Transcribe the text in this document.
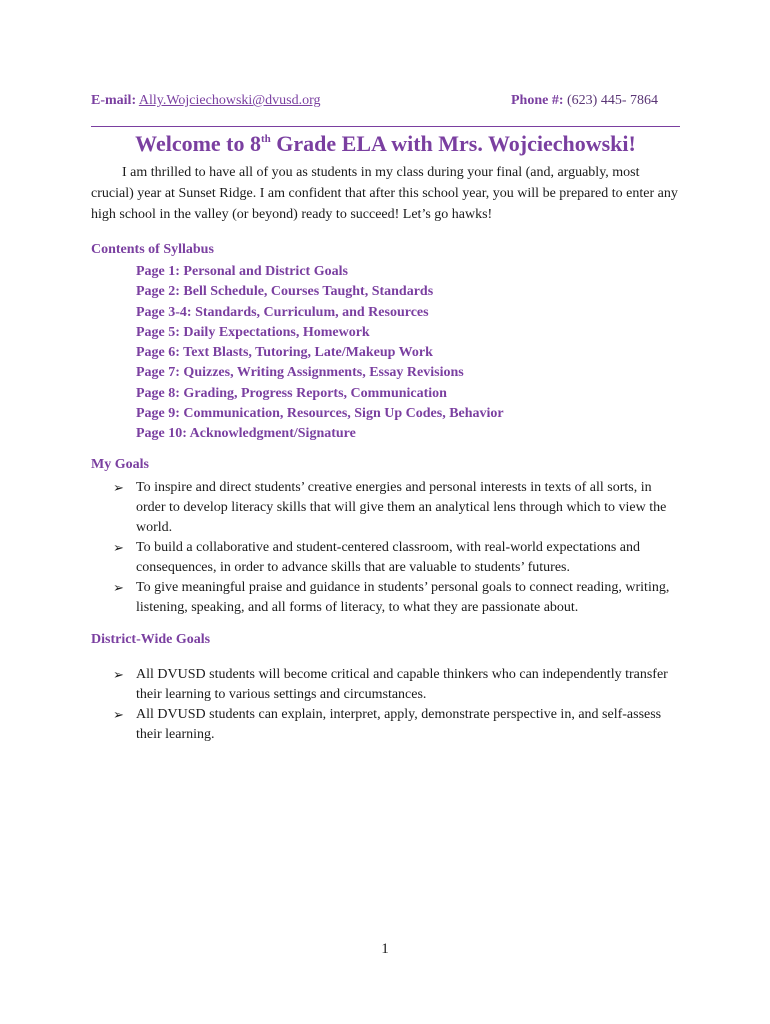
E-mail: Ally.Wojciechowski@dvusd.org	Phone #: (623) 445- 7864
Welcome to 8th Grade ELA with Mrs. Wojciechowski!

I am thrilled to have all of you as students in my class during your final (and, arguably, most crucial) year at Sunset Ridge. I am confident that after this school year, you will be prepared to enter any high school in the valley (or beyond) ready to succeed! Let’s go hawks!

Contents of Syllabus
Page 1: Personal and District Goals
Page 2: Bell Schedule, Courses Taught, Standards
Page 3-4: Standards, Curriculum, and Resources
Page 5: Daily Expectations, Homework
Page 6: Text Blasts, Tutoring, Late/Makeup Work
Page 7: Quizzes, Writing Assignments, Essay Revisions
Page 8: Grading, Progress Reports, Communication
Page 9: Communication, Resources, Sign Up Codes, Behavior
Page 10: Acknowledgment/Signature
My Goals
➢ To inspire and direct students’ creative energies and personal interests in texts of all sorts, in order to develop literacy skills that will give them an analytical lens through which to view the world.
➢ To build a collaborative and student-centered classroom, with real-world expectations and consequences, in order to advance skills that are valuable to students’ futures.
➢ To give meaningful praise and guidance in students’ personal goals to connect reading, writing, listening, speaking, and all forms of literacy, to what they are passionate about.
District-Wide Goals
➢ All DVUSD students will become critical and capable thinkers who can independently transfer their learning to various settings and circumstances.
➢ All DVUSD students can explain, interpret, apply, demonstrate perspective in, and self-assess their learning.
1
